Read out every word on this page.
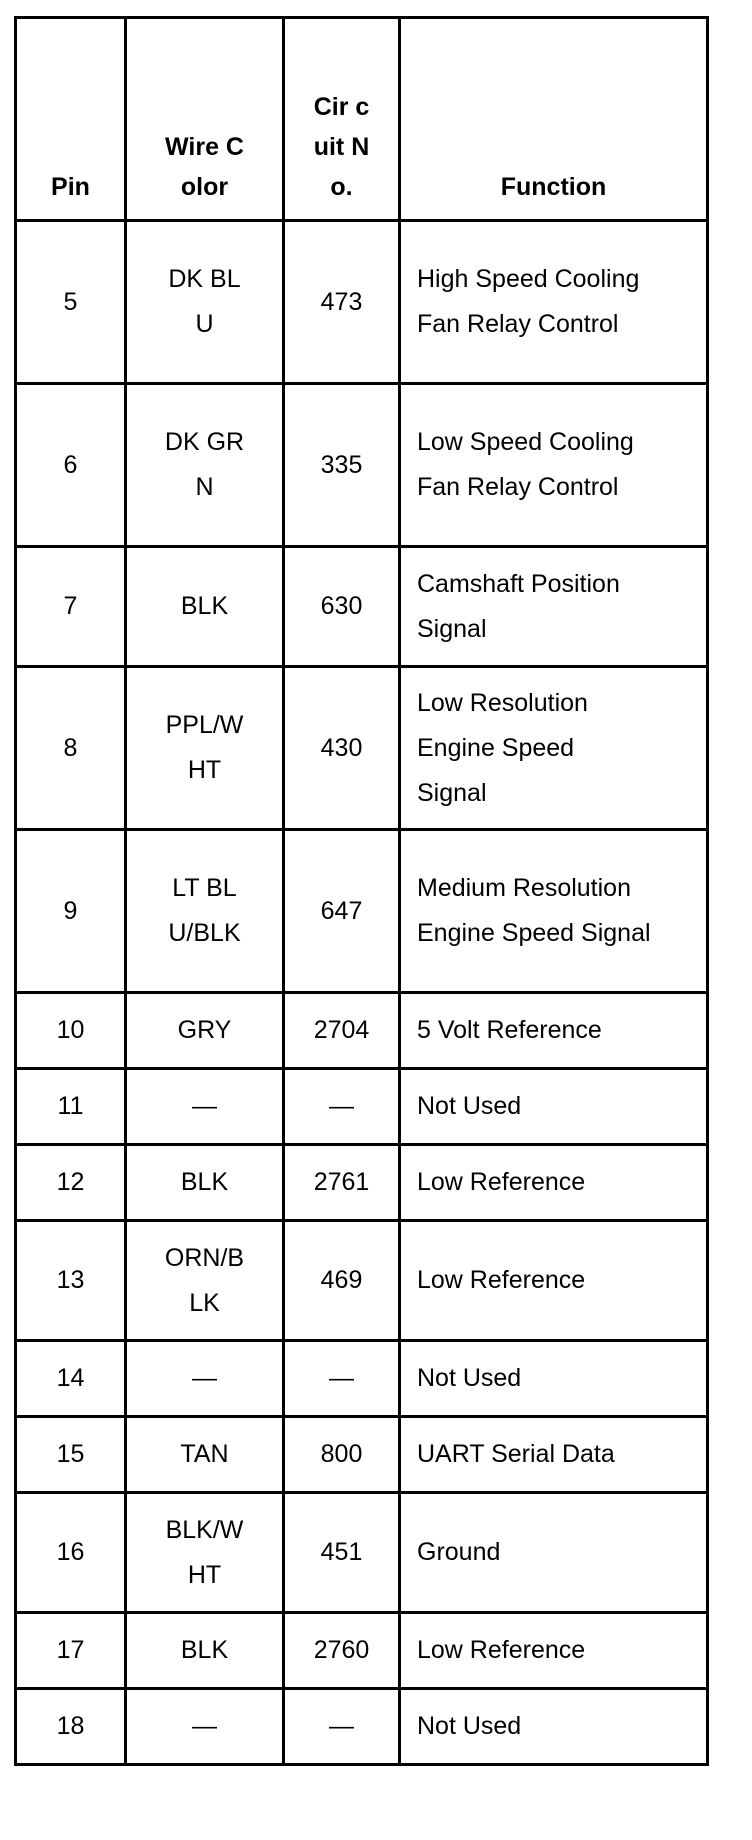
Pin	Wire Color	Cir cuit No.	Function
5	DK BLU	473	High Speed Cooling Fan Relay Control

6	DK GRN	335	Low Speed Cooling Fan Relay Control

7	BLK	630	Camshaft Position Signal

8	PPL/WHT	430	Low Resolution Engine Speed Signal

9	LT BLU/BLK	647	Medium Resolution Engine Speed Signal

10	GRY	2704	5 Volt Reference

11	—	—	Not Used

12	BLK	2761	Low Reference

13	ORN/BLK	469	Low Reference

14	—	—	Not Used

15	TAN	800	UART Serial Data

16	BLK/WHT	451	Ground

17	BLK	2760	Low Reference

18	—	—	Not Used
